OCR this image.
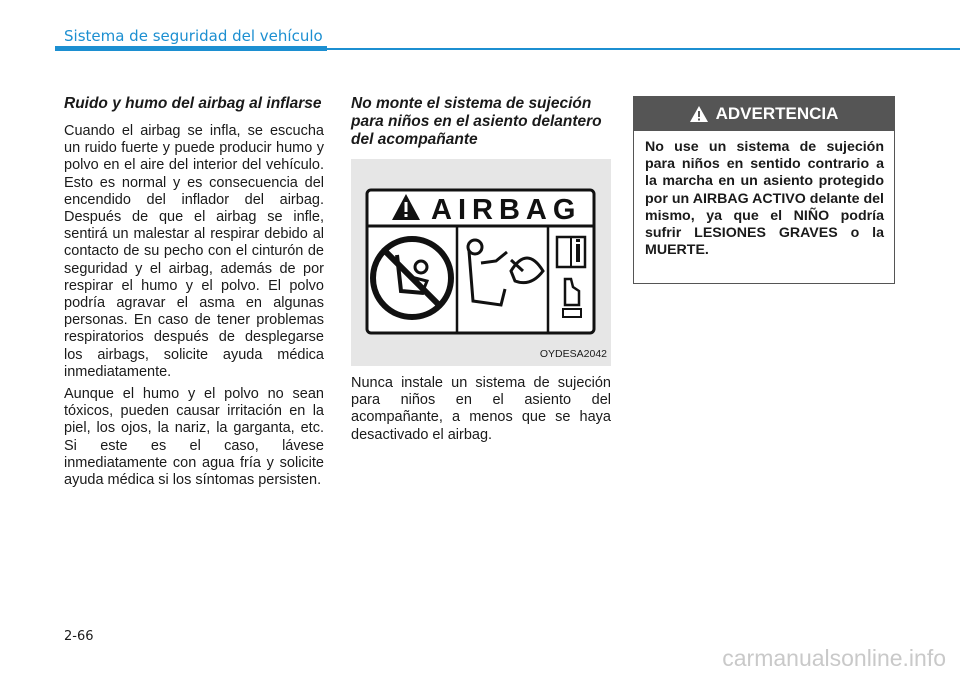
Sistema de seguridad del vehículo
Ruido y humo del airbag al inflarse

Cuando el airbag se infla, se escucha un ruido fuerte y puede producir humo y polvo en el aire del interior del vehículo. Esto es normal y es consecuencia del encendido del inflador del airbag. Después de que el airbag se infle, sentirá un malestar al respirar debido al contacto de su pecho con el cinturón de seguridad y el airbag, además de por respirar el humo y el polvo. El polvo podría agravar el asma en algunas personas. En caso de tener problemas respiratorios después de desplegarse los airbags, solicite ayuda médica inmediatamente.

Aunque el humo y el polvo no sean tóxicos, pueden causar irritación en la piel, los ojos, la nariz, la garganta, etc. Si este es el caso, lávese inmediatamente con agua fría y solicite ayuda médica si los síntomas persisten.

No monte el sistema de sujeción para niños en el asiento delantero del acompañante
AIRBAG
OYDESA2042

Nunca instale un sistema de sujeción para niños en el asiento del acompañante, a menos que se haya desactivado el airbag.

ADVERTENCIA
No use un sistema de sujeción para niños en sentido contrario a la marcha en un asiento protegido por un AIRBAG ACTIVO delante del mismo, ya que el NIÑO podría sufrir LESIONES GRAVES o la MUERTE.
2-66
carmanualsonline.info
